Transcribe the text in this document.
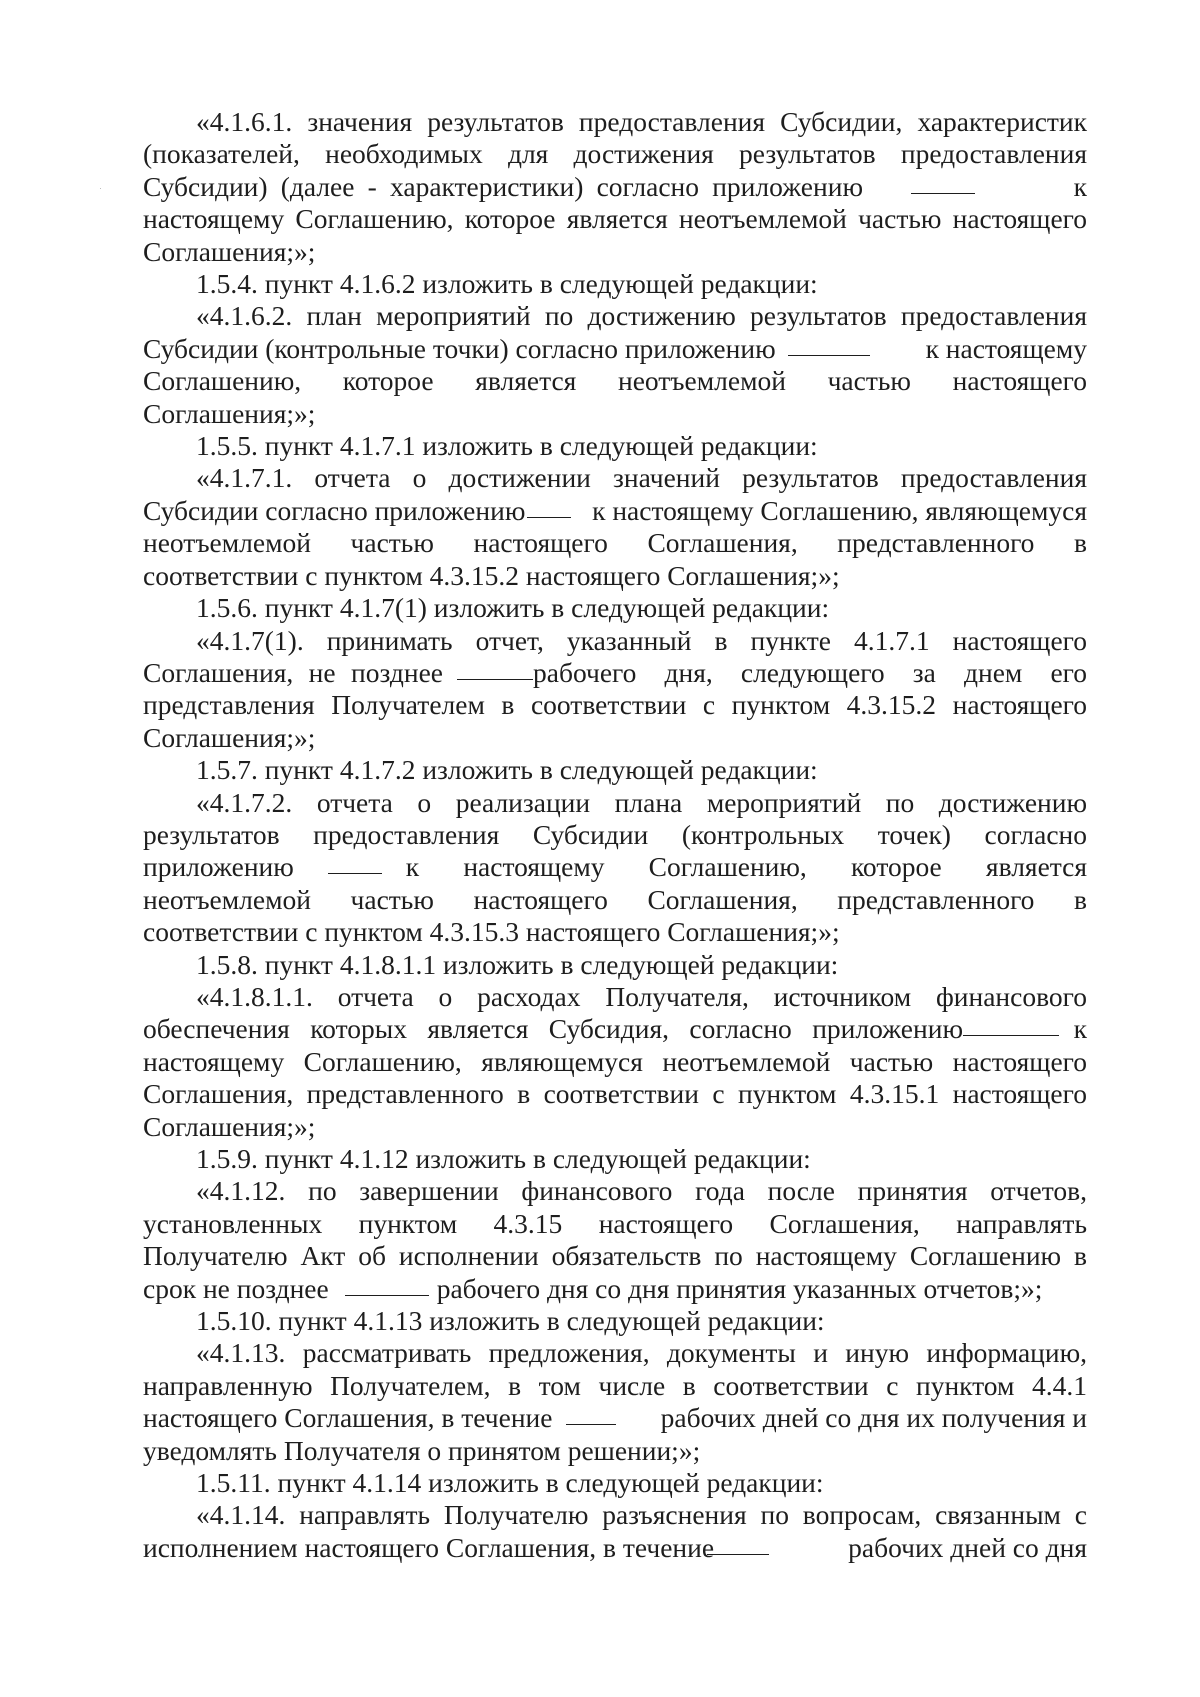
«4.1.6.1. значения результатов предоставления Субсидии, характеристик
(показателей, необходимых для достижения результатов предоставления
Субсидии) (далее - характеристики) согласно приложению	к
настоящему Соглашению, которое является неотъемлемой частью настоящего
Соглашения;»;
1.5.4. пункт 4.1.6.2 изложить в следующей редакции:
«4.1.6.2. план мероприятий по достижению результатов предоставления
Субсидии (контрольные точки) согласно приложению	к настоящему
Соглашению, которое является неотъемлемой частью настоящего
Соглашения;»;
1.5.5. пункт 4.1.7.1 изложить в следующей редакции:
«4.1.7.1. отчета о достижении значений результатов предоставления
Субсидии согласно приложению к настоящему Соглашению, являющемуся
неотъемлемой частью настоящего Соглашения, представленного в
соответствии с пунктом 4.3.15.2 настоящего Соглашения;»;
1.5.6. пункт 4.1.7(1) изложить в следующей редакции:
«4.1.7(1). принимать отчет, указанный в пункте 4.1.7.1 настоящего
Соглашения, не позднее	рабочего дня, следующего за днем его
представления Получателем в соответствии с пунктом 4.3.15.2 настоящего
Соглашения;»;
1.5.7. пункт 4.1.7.2 изложить в следующей редакции:
«4.1.7.2. отчета о реализации плана мероприятий по достижению
результатов предоставления Субсидии (контрольных точек) согласно
приложению	к настоящему Соглашению, которое является
неотъемлемой частью настоящего Соглашения, представленного в
соответствии с пунктом 4.3.15.3 настоящего Соглашения;»;
1.5.8. пункт 4.1.8.1.1 изложить в следующей редакции:
«4.1.8.1.1. отчета о расходах Получателя, источником финансового
обеспечения которых является Субсидия, согласно приложению	к
настоящему Соглашению, являющемуся неотъемлемой частью настоящего
Соглашения, представленного в соответствии с пунктом 4.3.15.1 настоящего
Соглашения;»;
1.5.9. пункт 4.1.12 изложить в следующей редакции:
«4.1.12. по завершении финансового года после принятия отчетов,
установленных пунктом 4.3.15 настоящего Соглашения, направлять
Получателю Акт об исполнении обязательств по настоящему Соглашению в
срок не позднее	рабочего дня со дня принятия указанных отчетов;»;
1.5.10. пункт 4.1.13 изложить в следующей редакции:
«4.1.13. рассматривать предложения, документы и иную информацию,
направленную Получателем, в том числе в соответствии с пунктом 4.4.1
настоящего Соглашения, в течение	рабочих дней со дня их получения и
уведомлять Получателя о принятом решении;»;
1.5.11. пункт 4.1.14 изложить в следующей редакции:
«4.1.14. направлять Получателю разъяснения по вопросам, связанным с
исполнением настоящего Соглашения, в течение	рабочих дней со дня
